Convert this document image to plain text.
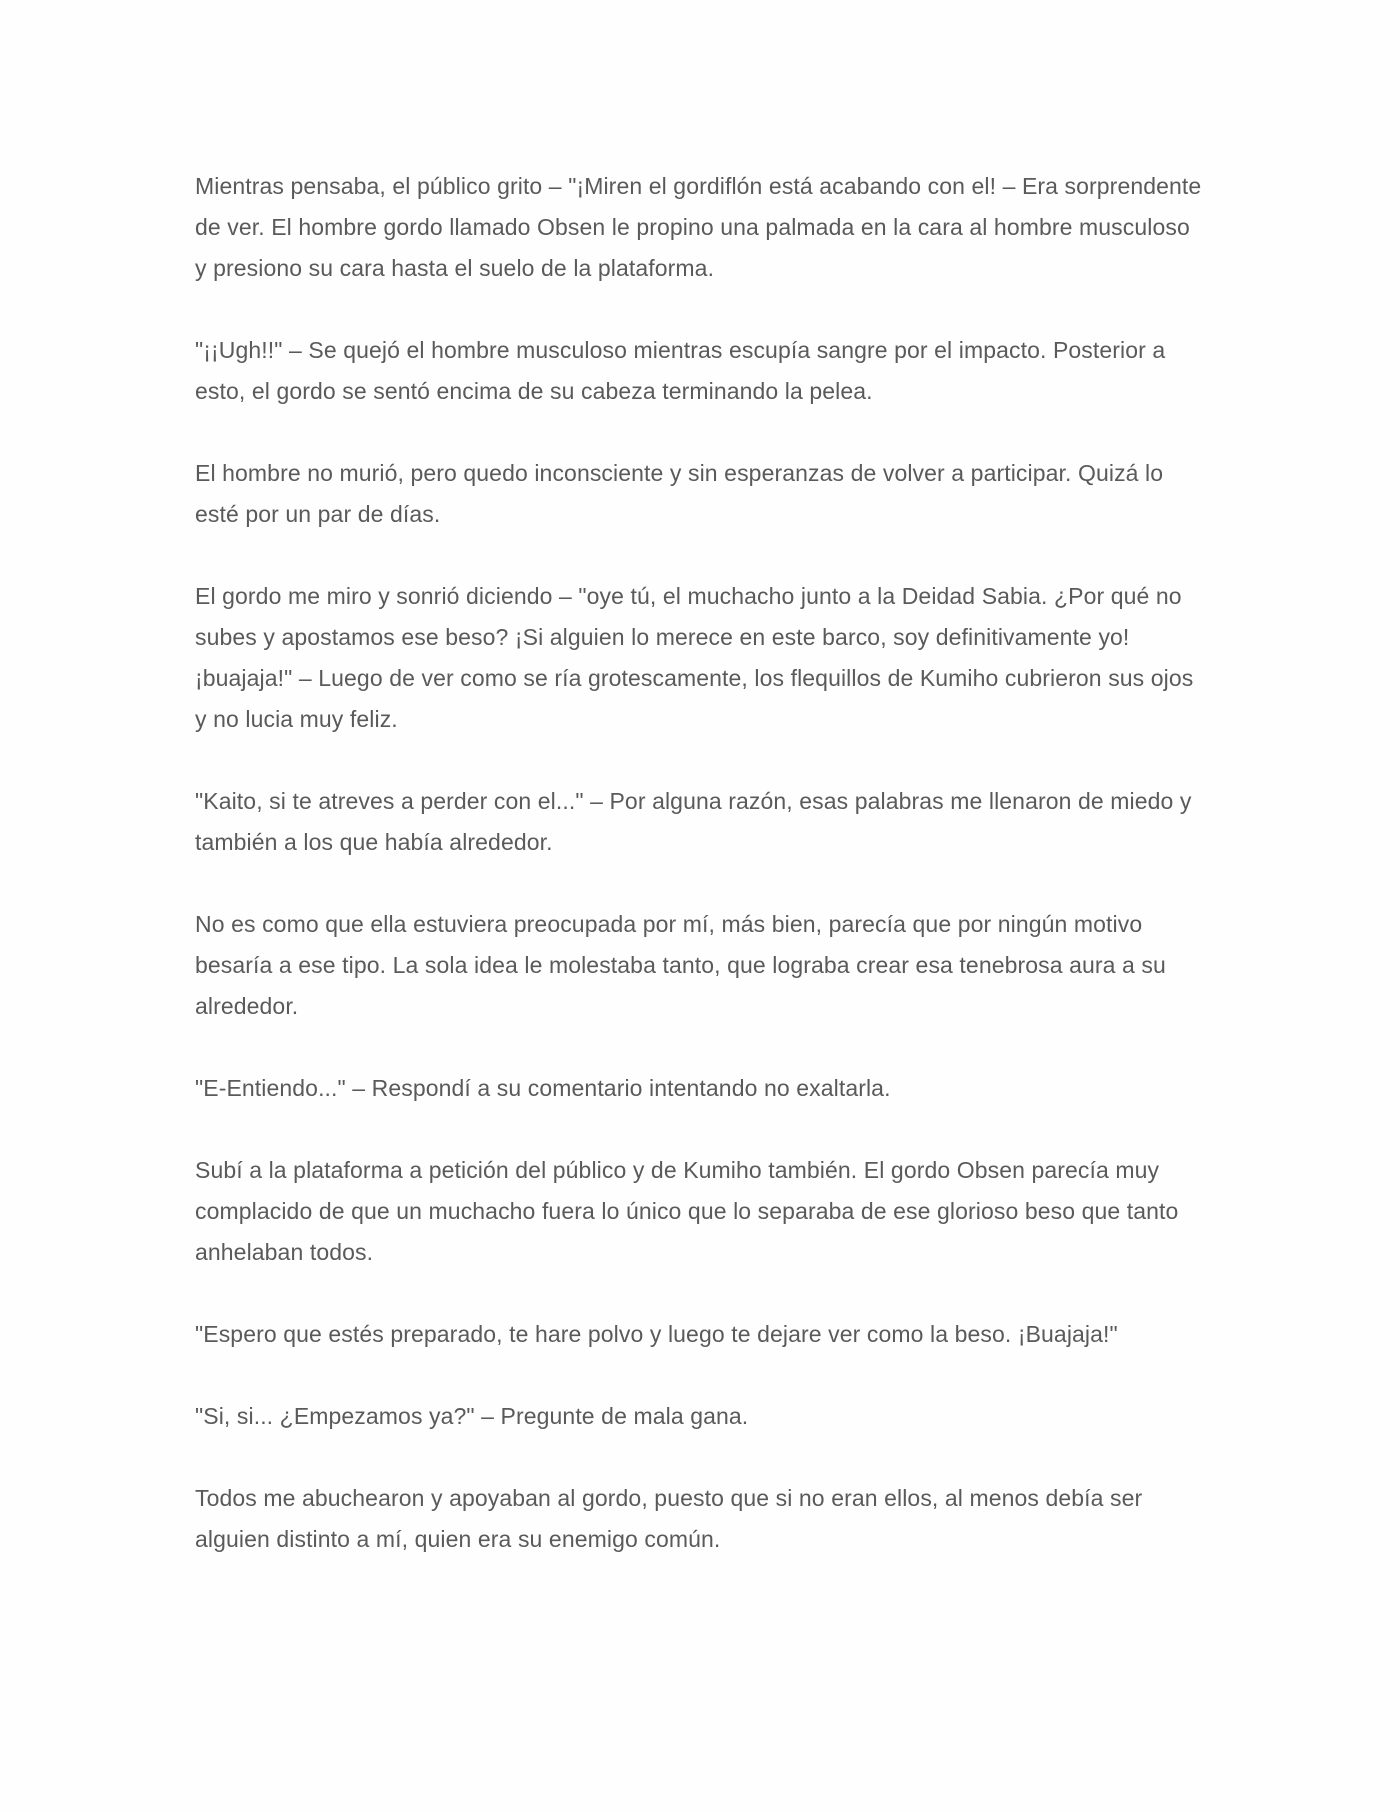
Mientras pensaba, el público grito – "¡Miren el gordiflón está acabando con el! – Era sorprendente de ver. El hombre gordo llamado Obsen le propino una palmada en la cara al hombre musculoso y presiono su cara hasta el suelo de la plataforma.

"¡¡Ugh!!" – Se quejó el hombre musculoso mientras escupía sangre por el impacto. Posterior a esto, el gordo se sentó encima de su cabeza terminando la pelea.

El hombre no murió, pero quedo inconsciente y sin esperanzas de volver a participar. Quizá lo esté por un par de días.

El gordo me miro y sonrió diciendo – "oye tú, el muchacho junto a la Deidad Sabia. ¿Por qué no subes y apostamos ese beso? ¡Si alguien lo merece en este barco, soy definitivamente yo! ¡buajaja!" – Luego de ver como se ría grotescamente, los flequillos de Kumiho cubrieron sus ojos y no lucia muy feliz.

"Kaito, si te atreves a perder con el..." – Por alguna razón, esas palabras me llenaron de miedo y también a los que había alrededor.

No es como que ella estuviera preocupada por mí, más bien, parecía que por ningún motivo besaría a ese tipo. La sola idea le molestaba tanto, que lograba crear esa tenebrosa aura a su alrededor.

"E-Entiendo..." – Respondí a su comentario intentando no exaltarla.

Subí a la plataforma a petición del público y de Kumiho también. El gordo Obsen parecía muy complacido de que un muchacho fuera lo único que lo separaba de ese glorioso beso que tanto anhelaban todos.

"Espero que estés preparado, te hare polvo y luego te dejare ver como la beso. ¡Buajaja!"

"Si, si... ¿Empezamos ya?" – Pregunte de mala gana.

Todos me abuchearon y apoyaban al gordo, puesto que si no eran ellos, al menos debía ser alguien distinto a mí, quien era su enemigo común.
